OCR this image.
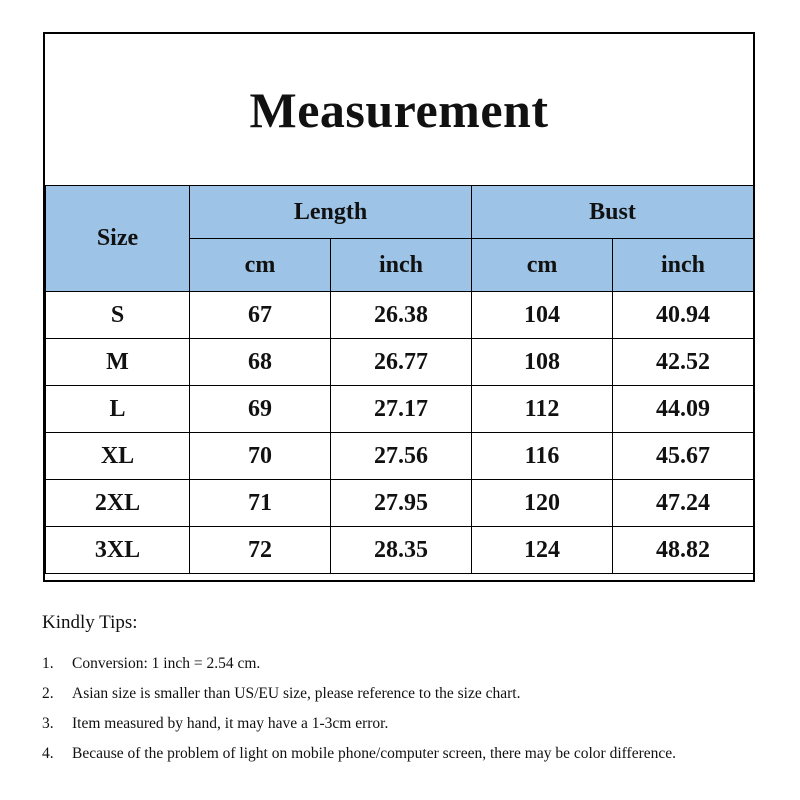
Measurement
Size	Length		Bust	
	cm	inch	cm	inch
S	67	26.38	104	40.94
M	68	26.77	108	42.52
L	69	27.17	112	44.09
XL	70	27.56	116	45.67
2XL	71	27.95	120	47.24
3XL	72	28.35	124	48.82

Kindly Tips:

1.	Conversion: 1 inch = 2.54 cm.
2.	Asian size is smaller than US/EU size, please reference to the size chart.
3.	Item measured by hand, it may have a 1-3cm error.
4.	Because of the problem of light on mobile phone/computer screen, there may be color difference.
